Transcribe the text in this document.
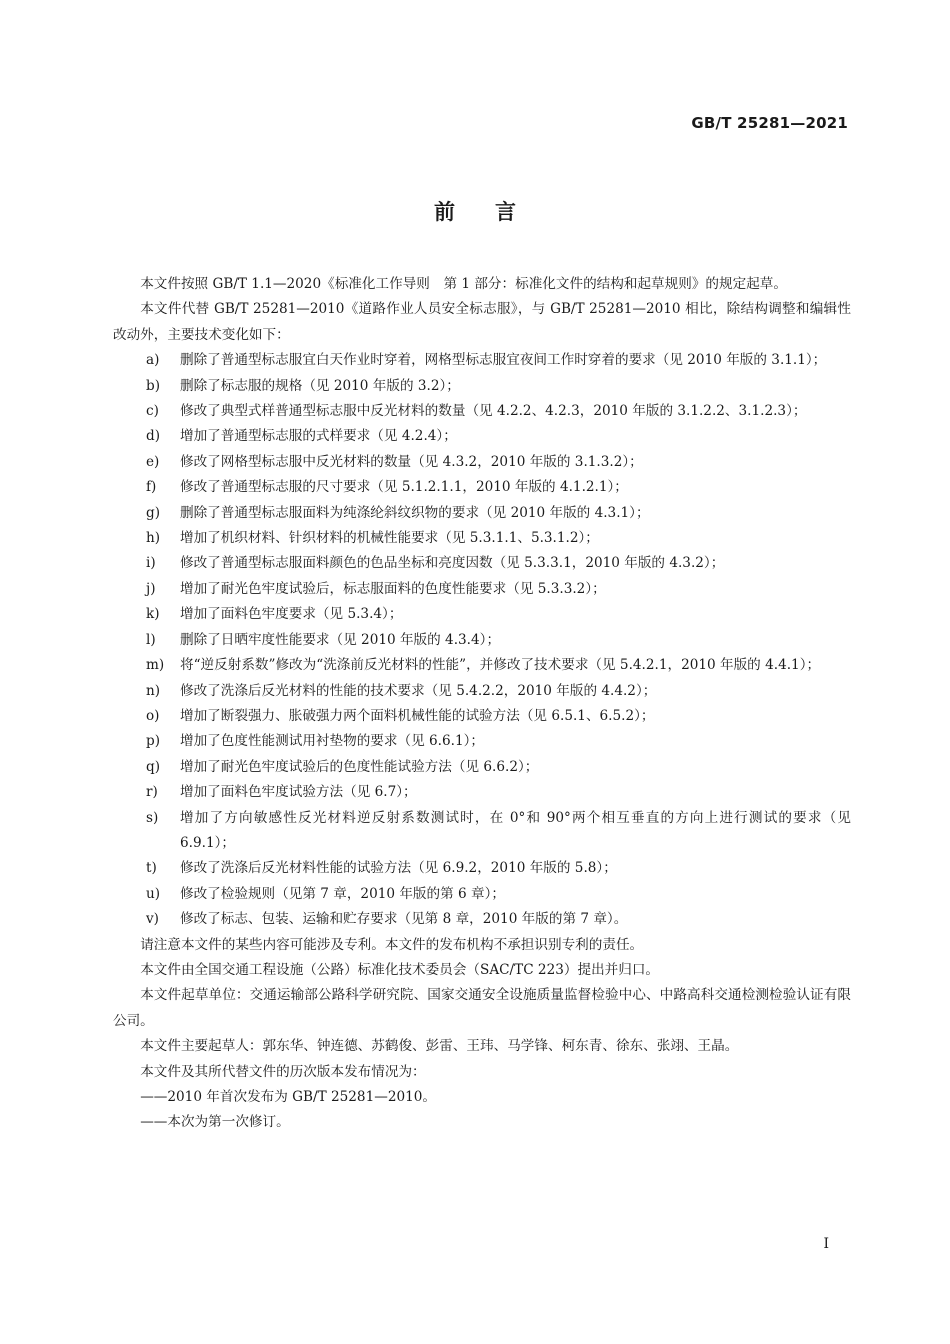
GB/T 25281—2021
前言

本文件按照 GB/T 1.1—2020《标准化工作导则　第 1 部分：标准化文件的结构和起草规则》的规定起草。

本文件代替 GB/T 25281—2010《道路作业人员安全标志服》，与 GB/T 25281—2010 相比，除结构调整和编辑性改动外，主要技术变化如下：

a)	删除了普通型标志服宜白天作业时穿着，网格型标志服宜夜间工作时穿着的要求（见 2010 年版的 3.1.1）；
b)	删除了标志服的规格（见 2010 年版的 3.2）；
c)	修改了典型式样普通型标志服中反光材料的数量（见 4.2.2、4.2.3，2010 年版的 3.1.2.2、3.1.2.3）；
d)	增加了普通型标志服的式样要求（见 4.2.4）；
e)	修改了网格型标志服中反光材料的数量（见 4.3.2，2010 年版的 3.1.3.2）；
f)	修改了普通型标志服的尺寸要求（见 5.1.2.1.1，2010 年版的 4.1.2.1）；
g)	删除了普通型标志服面料为纯涤纶斜纹织物的要求（见 2010 年版的 4.3.1）；
h)	增加了机织材料、针织材料的机械性能要求（见 5.3.1.1、5.3.1.2）；
i)	修改了普通型标志服面料颜色的色品坐标和亮度因数（见 5.3.3.1，2010 年版的 4.3.2）；
j)	增加了耐光色牢度试验后，标志服面料的色度性能要求（见 5.3.3.2）；
k)	增加了面料色牢度要求（见 5.3.4）；
l)	删除了日晒牢度性能要求（见 2010 年版的 4.3.4）；
m)	将“逆反射系数”修改为“洗涤前反光材料的性能”，并修改了技术要求（见 5.4.2.1，2010 年版的 4.4.1）；
n)	修改了洗涤后反光材料的性能的技术要求（见 5.4.2.2，2010 年版的 4.4.2）；
o)	增加了断裂强力、胀破强力两个面料机械性能的试验方法（见 6.5.1、6.5.2）；
p)	增加了色度性能测试用衬垫物的要求（见 6.6.1）；
q)	增加了耐光色牢度试验后的色度性能试验方法（见 6.6.2）；
r)	增加了面料色牢度试验方法（见 6.7）；
s)	增加了方向敏感性反光材料逆反射系数测试时，在 0°和 90°两个相互垂直的方向上进行测试的要求（见 6.9.1）；
t)	修改了洗涤后反光材料性能的试验方法（见 6.9.2，2010 年版的 5.8）；
u)	修改了检验规则（见第 7 章，2010 年版的第 6 章）；
v)	修改了标志、包装、运输和贮存要求（见第 8 章，2010 年版的第 7 章）。

请注意本文件的某些内容可能涉及专利。本文件的发布机构不承担识别专利的责任。

本文件由全国交通工程设施（公路）标准化技术委员会（SAC/TC 223）提出并归口。

本文件起草单位：交通运输部公路科学研究院、国家交通安全设施质量监督检验中心、中路高科交通检测检验认证有限公司。

本文件主要起草人：郭东华、钟连德、苏鹤俊、彭雷、王玮、马学锋、柯东青、徐东、张翊、王晶。

本文件及其所代替文件的历次版本发布情况为：

——2010 年首次发布为 GB/T 25281—2010。

——本次为第一次修订。

I
